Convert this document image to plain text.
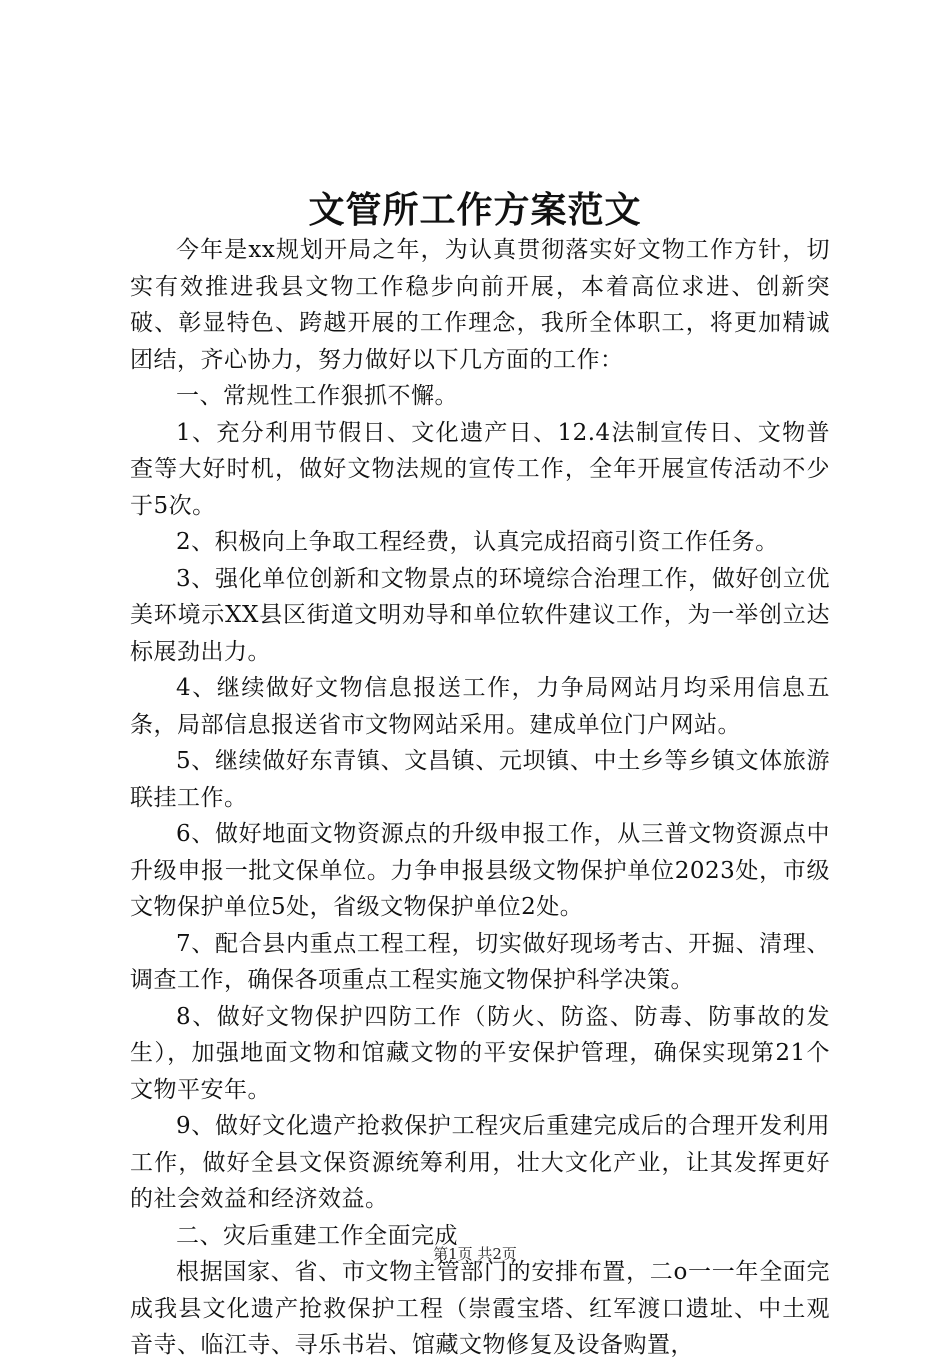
文管所工作方案范文

今年是xx规划开局之年，为认真贯彻落实好文物工作方针，切实有效推进我县文物工作稳步向前开展，本着高位求进、创新突破、彰显特色、跨越开展的工作理念，我所全体职工，将更加精诚团结，齐心协力，努力做好以下几方面的工作：

一、常规性工作狠抓不懈。

1、充分利用节假日、文化遗产日、12.4法制宣传日、文物普查等大好时机，做好文物法规的宣传工作，全年开展宣传活动不少于5次。

2、积极向上争取工程经费，认真完成招商引资工作任务。

3、强化单位创新和文物景点的环境综合治理工作，做好创立优美环境示XX县区街道文明劝导和单位软件建议工作，为一举创立达标展劲出力。

4、继续做好文物信息报送工作，力争局网站月均采用信息五条，局部信息报送省市文物网站采用。建成单位门户网站。

5、继续做好东青镇、文昌镇、元坝镇、中土乡等乡镇文体旅游联挂工作。

6、做好地面文物资源点的升级申报工作，从三普文物资源点中升级申报一批文保单位。力争申报县级文物保护单位2023处，市级文物保护单位5处，省级文物保护单位2处。

7、配合县内重点工程工程，切实做好现场考古、开掘、清理、调查工作，确保各项重点工程实施文物保护科学决策。

8、做好文物保护四防工作（防火、防盗、防毒、防事故的发生），加强地面文物和馆藏文物的平安保护管理，确保实现第21个文物平安年。

9、做好文化遗产抢救保护工程灾后重建完成后的合理开发利用工作，做好全县文保资源统筹利用，壮大文化产业，让其发挥更好的社会效益和经济效益。

二、灾后重建工作全面完成

根据国家、省、市文物主管部门的安排布置，二o一一年全面完成我县文化遗产抢救保护工程（崇霞宝塔、红军渡口遗址、中土观音寺、临江寺、寻乐书岩、馆藏文物修复及设备购置，

第1页 共2页
